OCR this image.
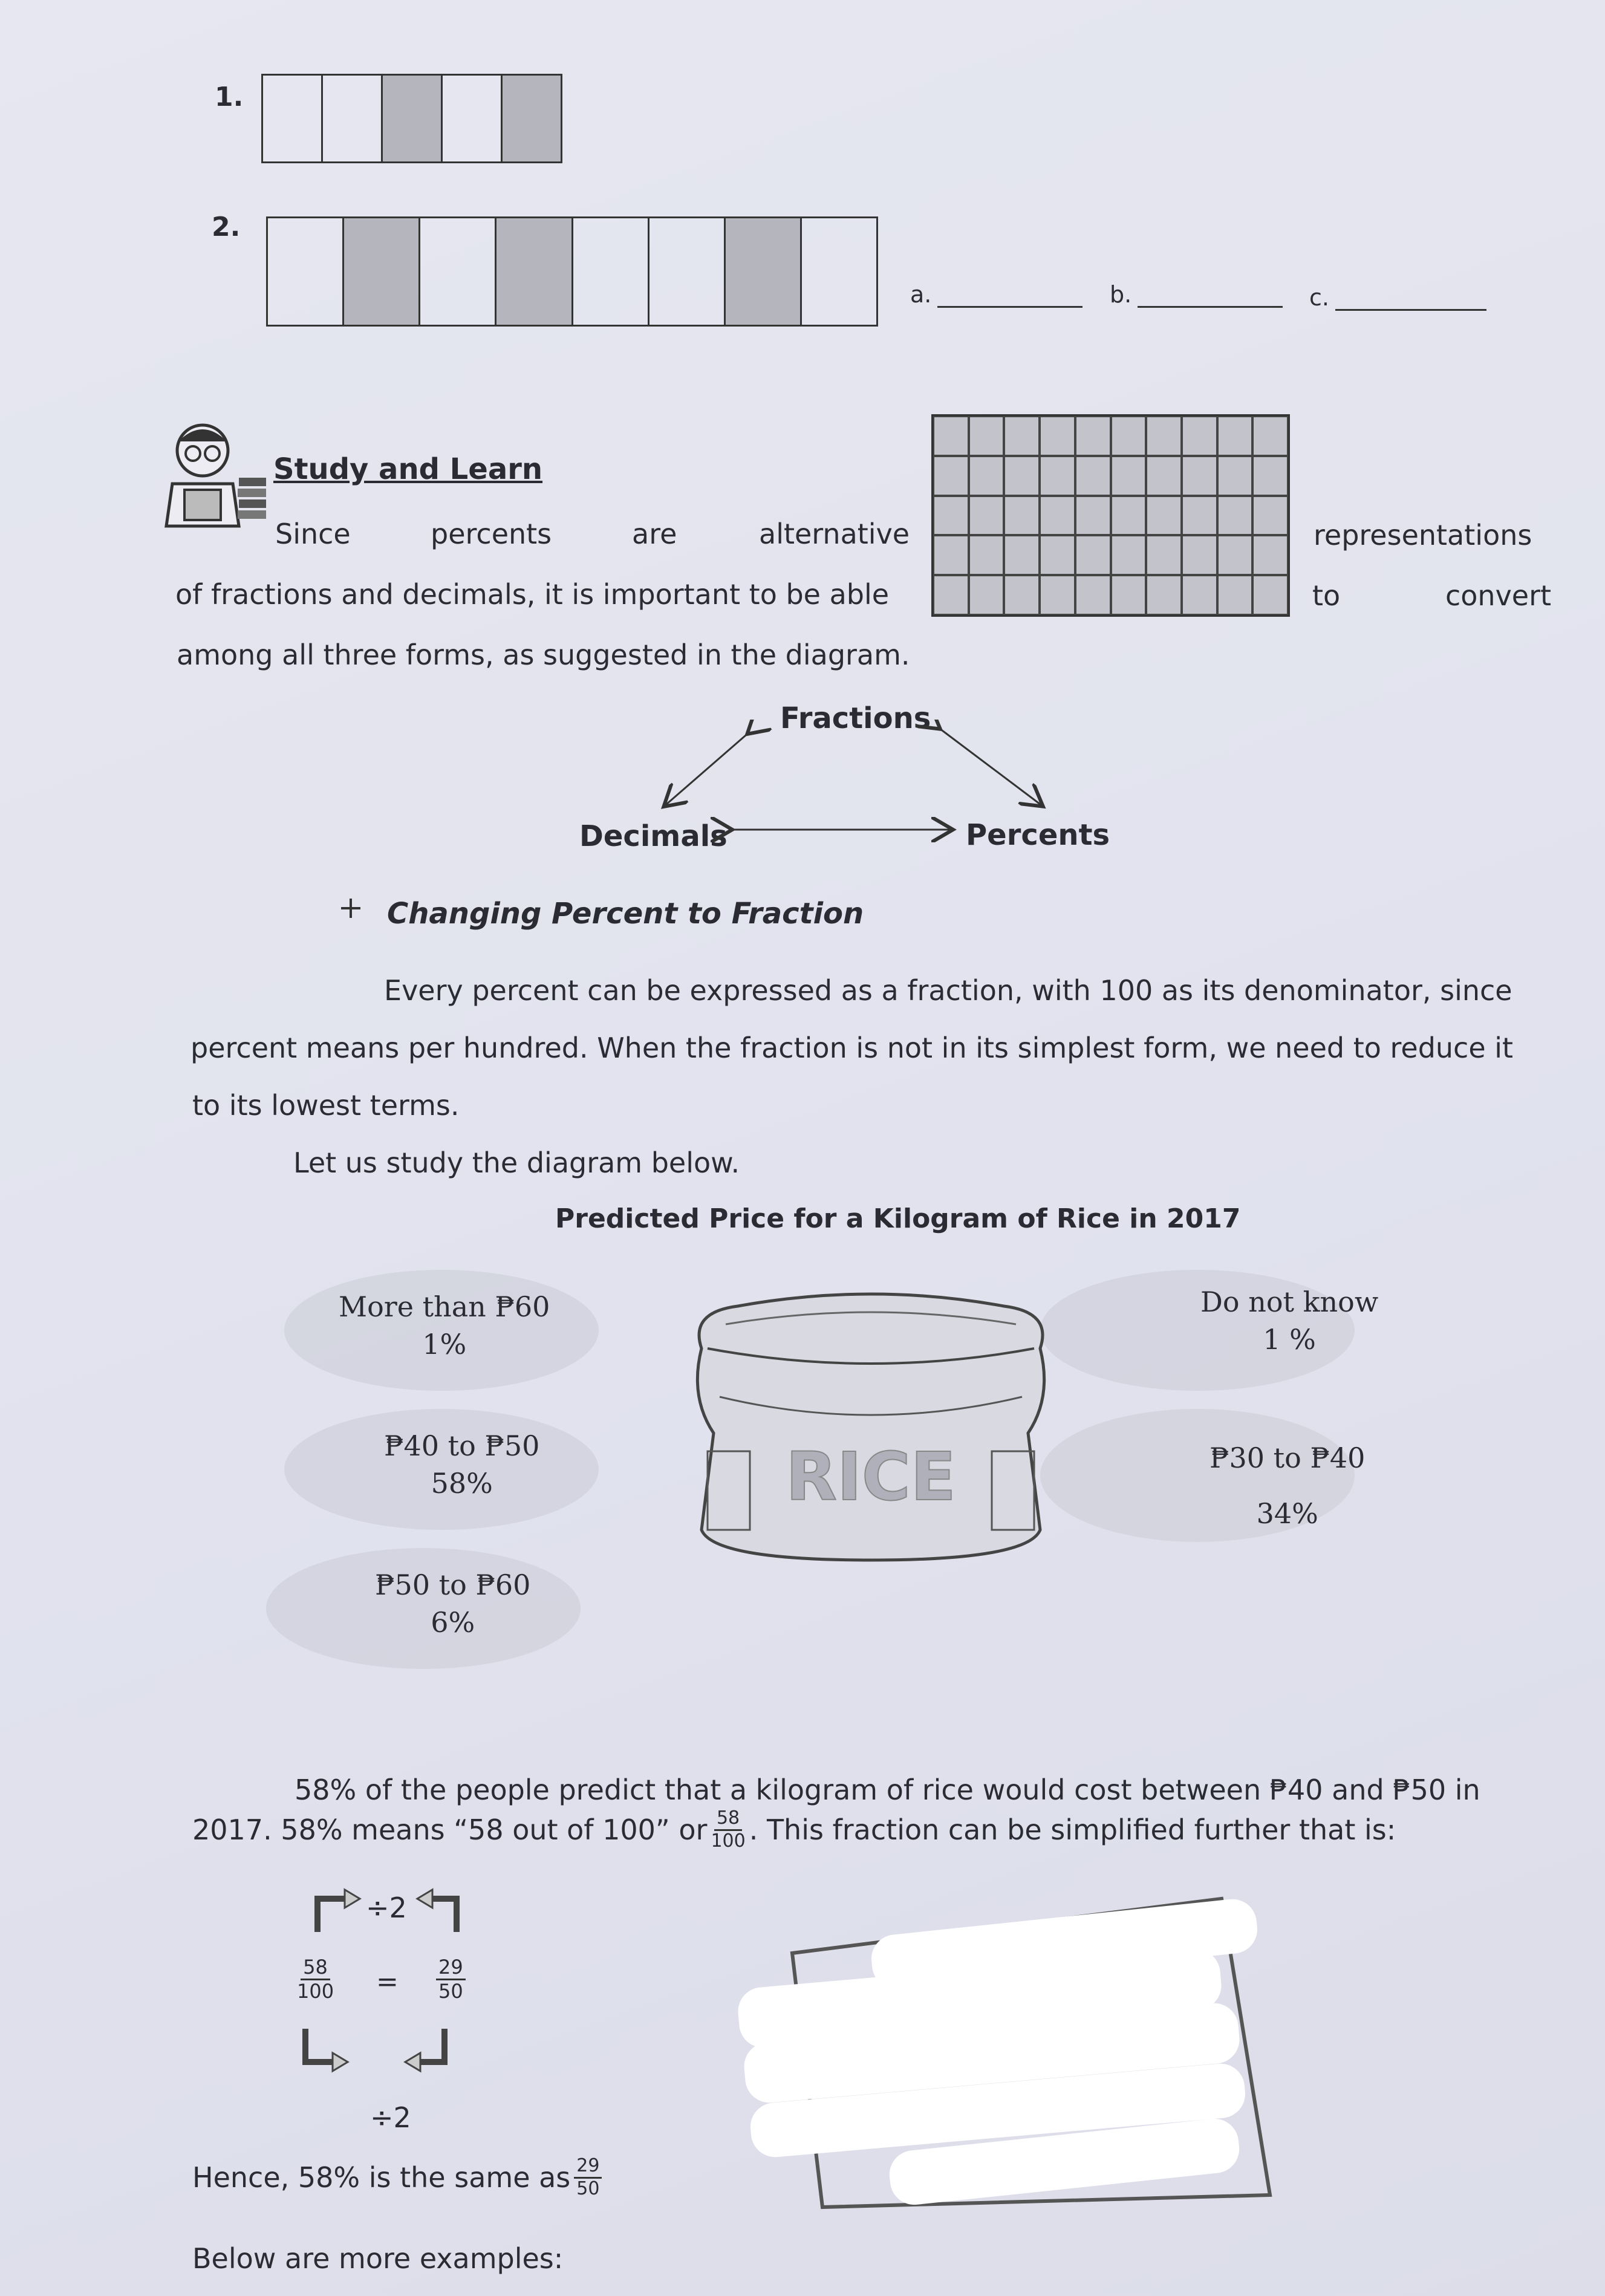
1.
2.
a.	b.	c.
Study and Learn
Since	percents	are	alternative	representations
of fractions and decimals, it is important to be able	to	convert
among all three forms, as suggested in the diagram.
Fractions
Decimals	Percents
Changing Percent to Fraction
Every percent can be expressed as a fraction, with 100 as its denominator, since
percent means per hundred. When the fraction is not in its simplest form, we need to reduce it
to its lowest terms.
Let us study the diagram below.
Predicted Price for a Kilogram of Rice in 2017
RICE
More than ₱60
1%
Do not know
1 %
₱40 to ₱50
58%
₱30 to ₱40
34%
₱50 to ₱60
6%
58% of the people predict that a kilogram of rice would cost between ₱40 and ₱50 in
2017. 58% means “58 out of 100” or $\frac{58}{100}$ . This fraction can be simplified further that is:
÷2
$\frac{58}{100} = \frac{29}{50}$
÷2
Hence, 58% is the same as $\frac{29}{50}$
Below are more examples:
